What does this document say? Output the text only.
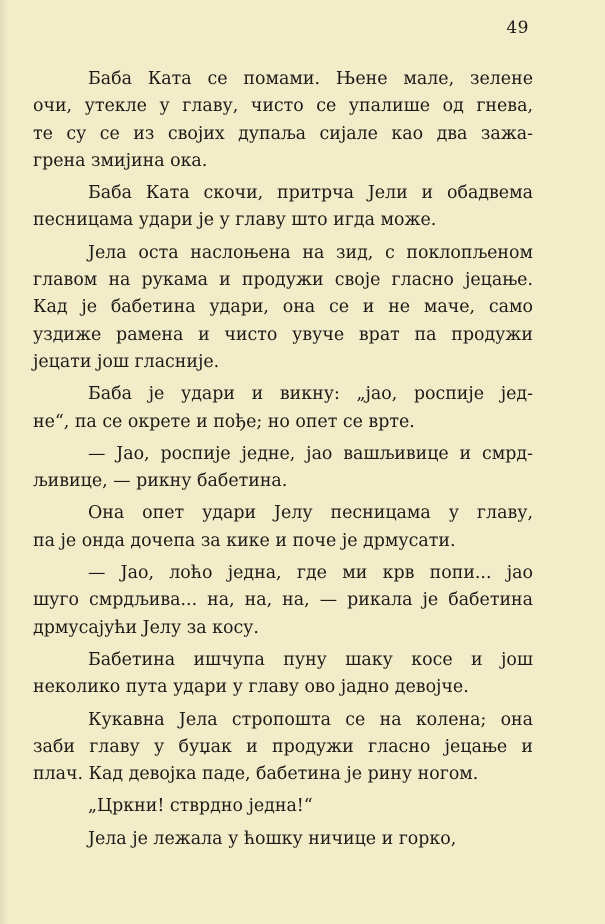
49
Баба Ката се помами. Њене мале, зелене
очи, утекле у главу, чисто се упалише од гнева,
те су се из својих дупаља сијале као два зажа-
грена змијина ока.
Баба Ката скочи, притрча Јели и обадвема
песницама удари је у главу што игда може.
Јела оста наслоњена на зид, с поклопљеном
главом на рукама и продужи своје гласно јецање.
Кад је бабетина удари, она се и не маче, само
уздиже рамена и чисто увуче врат па продужи
јецати још гласније.
Баба је удари и викну: „јао, роспије јед-
не“, па се окрете и пођe; но опет се врте.
— Јао, роспије једне, јао вашљивице и смрд-
љивице, — рикну бабетина.
Она опет удари Јелу песницама у главу,
па је онда дочепа за кике и поче је дрмусати.
— Јао, лоћо једна, где ми крв попи... јао
шуго смрдљива... на, на, на, — рикала је бабетина
дрмусајући Јелу за косу.
Бабетина ишчупа пуну шаку косе и још
неколико пута удари у главу ово јадно девојче.
Кукавна Јела стропошта се на колена; она
заби главу у буџак и продужи гласно јецање и
плач. Кад девојка паде, бабетина је рину ногом.
„Цркни! стврдно једна!“
Јела је лежала у ћошку ничице и горко,
